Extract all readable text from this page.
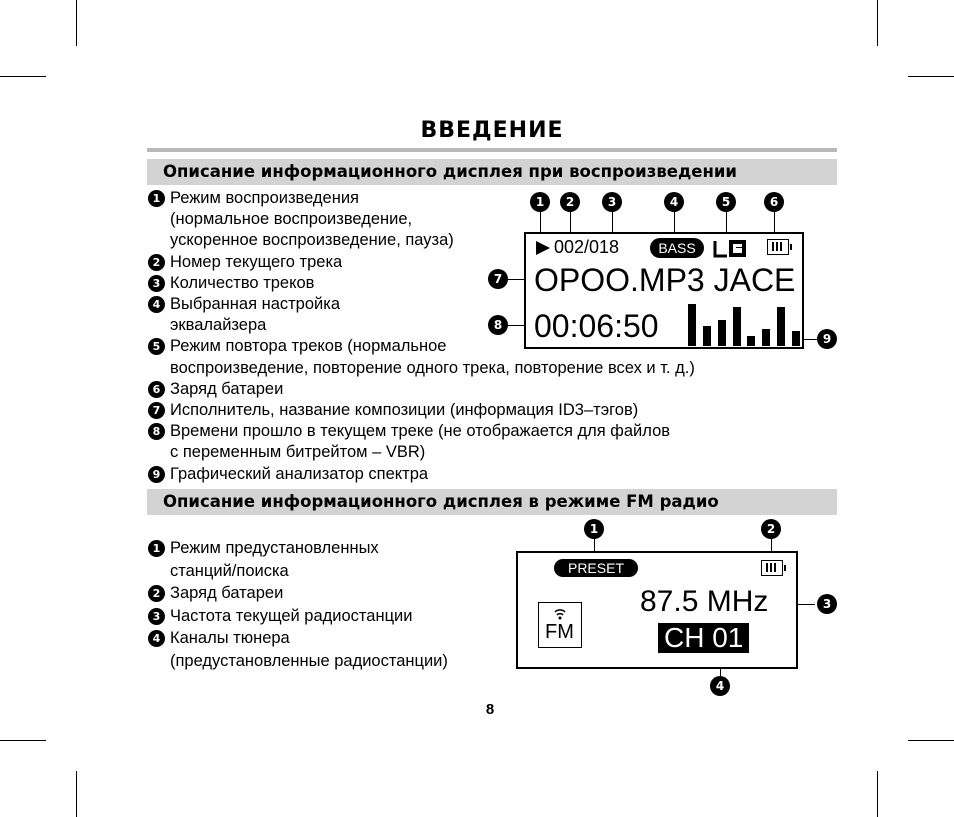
ВВЕДЕНИЕ
Описание информационного дисплея при воспроизведении
1 Режим воспроизведения
(нормальное воспроизведение,
ускоренное воспроизведение, пауза)
2 Номер текущего трека
3 Количество треков
4 Выбранная настройка
эквалайзера
5 Режим повтора треков (нормальное
воспроизведение, повторение одного трека, повторение всех и т. д.)
6 Заряд батареи
7 Исполнитель, название композиции (информация ID3–тэгов)
8 Времени прошло в текущем треке (не отображается для файлов
с переменным битрейтом – VBR)
9 Графический анализатор спектра
1	2	3	4	5	6
7
8
9
002/018	BASS
OPOO.MP3 JACE
00:06:50
Описание информационного дисплея в режиме FM радио
1 Режим предустановленных
станций/поиска
2 Заряд батареи
3 Частота текущей радиостанции
4 Каналы тюнера
(предустановленные радиостанции)
1	2
3
4
PRESET
FM
87.5 MHz
CH 01
8
